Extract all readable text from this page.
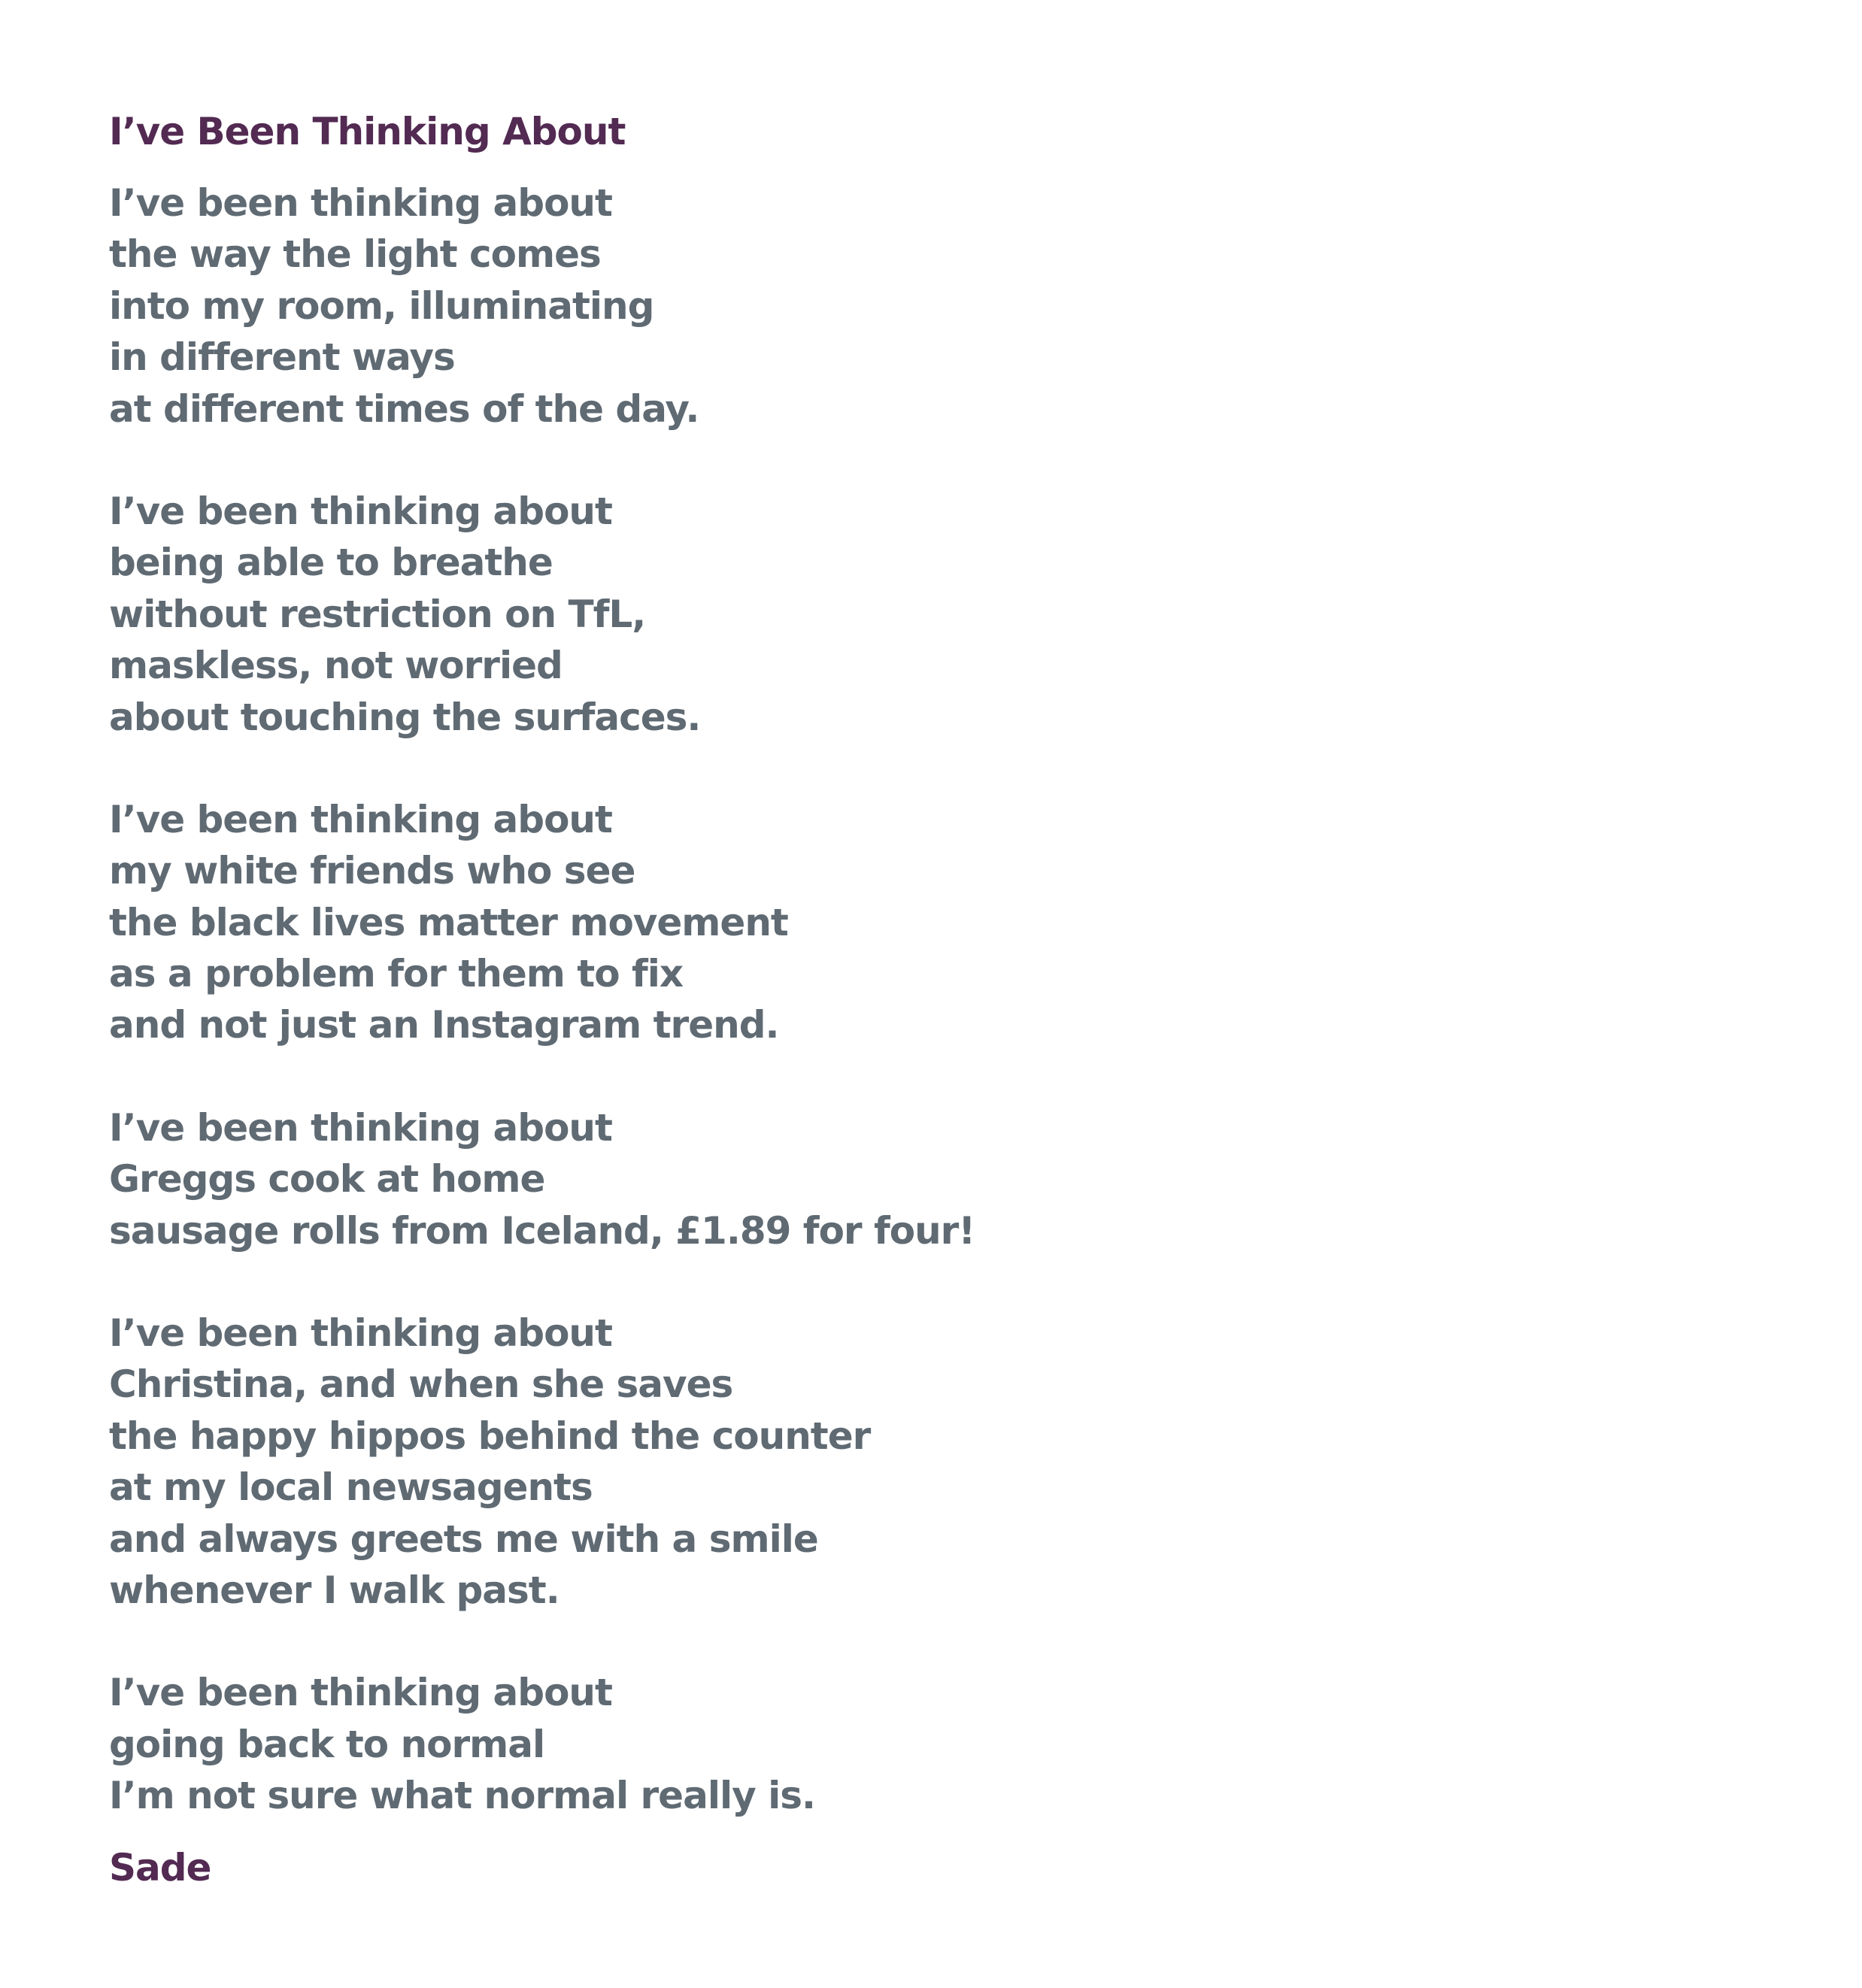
I’ve Been Thinking About
I’ve been thinking about
the way the light comes
into my room, illuminating
in different ways
at different times of the day.
I’ve been thinking about
being able to breathe
without restriction on TfL,
maskless, not worried
about touching the surfaces.
I’ve been thinking about
my white friends who see
the black lives matter movement
as a problem for them to fix
and not just an Instagram trend.
I’ve been thinking about
Greggs cook at home
sausage rolls from Iceland, £1.89 for four!
I’ve been thinking about
Christina, and when she saves
the happy hippos behind the counter
at my local newsagents
and always greets me with a smile
whenever I walk past.
I’ve been thinking about
going back to normal
I’m not sure what normal really is.
Sade
